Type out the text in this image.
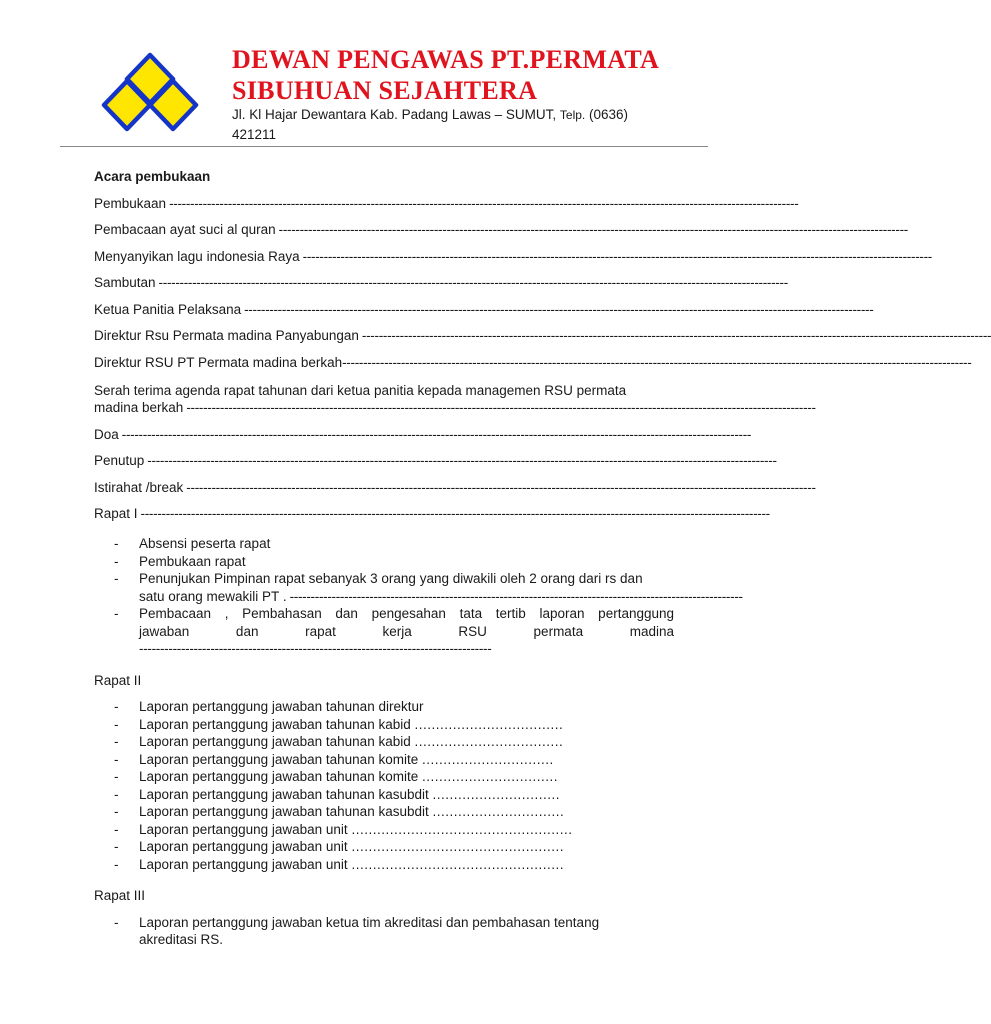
DEWAN PENGAWAS PT.PERMATA
SIBUHUAN SEJAHTERA

Jl. Kl Hajar Dewantara Kab. Padang Lawas – SUMUT, Telp. (0636) 421211

Acara pembukaan

Pembukaan ------------------------------------------------------------------------------------------------------------------------------------------------------
Pembacaan ayat suci al quran ------------------------------------------------------------------------------------------------------------------------------------------------------
Menyanyikan lagu indonesia Raya ------------------------------------------------------------------------------------------------------------------------------------------------------
Sambutan ------------------------------------------------------------------------------------------------------------------------------------------------------
Ketua Panitia Pelaksana ------------------------------------------------------------------------------------------------------------------------------------------------------
Direktur Rsu Permata madina Panyabungan ------------------------------------------------------------------------------------------------------------------------------------------------------
Direktur RSU PT Permata madina berkah ------------------------------------------------------------------------------------------------------------------------------------------------------
Serah terima agenda rapat tahunan dari ketua panitia kepada managemen RSU permata

madina berkah ------------------------------------------------------------------------------------------------------------------------------------------------------
Doa ------------------------------------------------------------------------------------------------------------------------------------------------------
Penutup ------------------------------------------------------------------------------------------------------------------------------------------------------
Istirahat /break ------------------------------------------------------------------------------------------------------------------------------------------------------
Rapat I ------------------------------------------------------------------------------------------------------------------------------------------------------
- Absensi peserta rapat
- Pembukaan rapat
- Penunjukan Pimpinan rapat sebanyak 3 orang yang diwakili oleh 2 orang dari rs dan

satu orang mewakili PT . ------------------------------------------------------------------------------------------------------------
- Pembacaan , Pembahasan dan pengesahan tata tertib laporan pertanggung
jawaban dan rapat kerja RSU permata madina
------------------------------------------------------------------------------------

Rapat II

- Laporan pertanggung jawaban tahunan direktur
- Laporan pertanggung jawaban tahunan kabid ...................................
- Laporan pertanggung jawaban tahunan kabid ...................................
- Laporan pertanggung jawaban tahunan komite ...............................
- Laporan pertanggung jawaban tahunan komite ................................
- Laporan pertanggung jawaban tahunan kasubdit ..............................
- Laporan pertanggung jawaban tahunan kasubdit ...............................
- Laporan pertanggung jawaban unit ....................................................
- Laporan pertanggung jawaban unit ..................................................
- Laporan pertanggung jawaban unit ..................................................

Rapat III

- Laporan pertanggung jawaban ketua tim akreditasi dan pembahasan tentang
akreditasi RS.
